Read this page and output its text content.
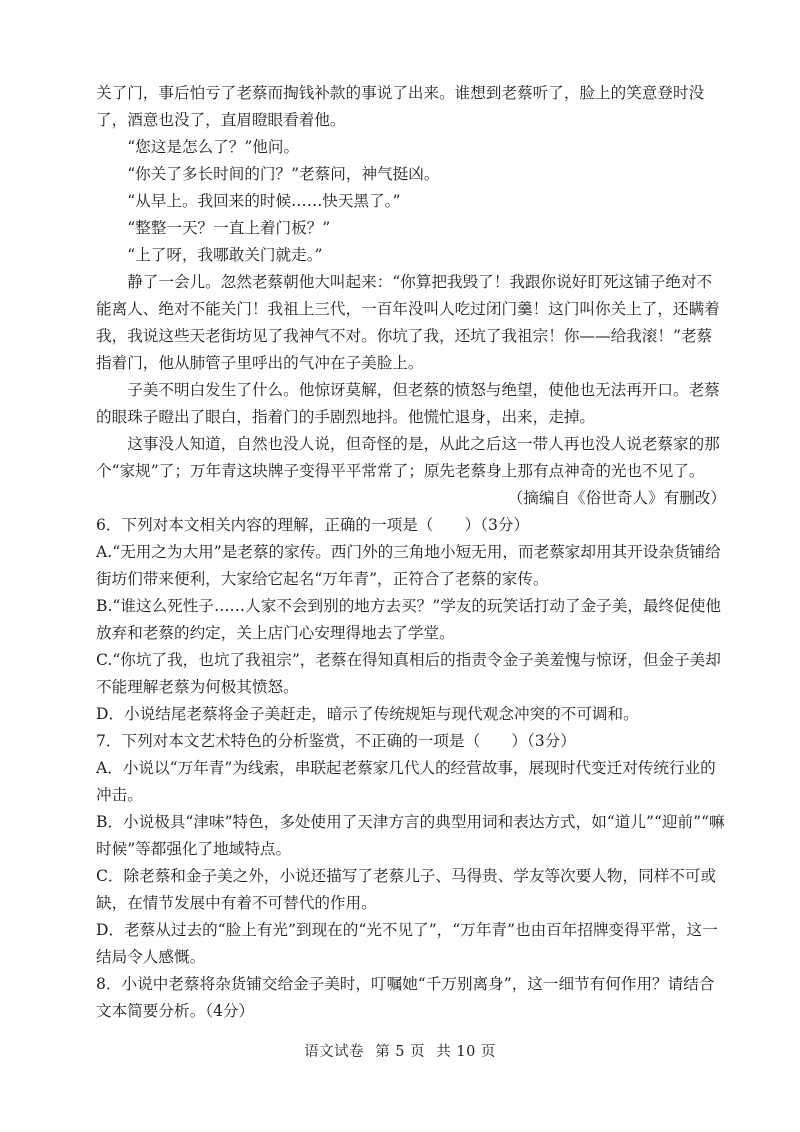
关了门，事后怕亏了老蔡而掏钱补款的事说了出来。谁想到老蔡听了，脸上的笑意登时没了，酒意也没了，直眉瞪眼看着他。

“您这是怎么了？”他问。

“你关了多长时间的门？”老蔡问，神气挺凶。

“从早上。我回来的时候……快天黑了。”

“整整一天？一直上着门板？”

“上了呀，我哪敢关门就走。”

静了一会儿。忽然老蔡朝他大叫起来：“你算把我毁了！我跟你说好盯死这铺子绝对不能离人、绝对不能关门！我祖上三代，一百年没叫人吃过闭门羹！这门叫你关上了，还瞒着我，我说这些天老街坊见了我神气不对。你坑了我，还坑了我祖宗！你——给我滚！”老蔡指着门，他从肺管子里呼出的气冲在子美脸上。

子美不明白发生了什么。他惊讶莫解，但老蔡的愤怒与绝望，使他也无法再开口。老蔡的眼珠子瞪出了眼白，指着门的手剧烈地抖。他慌忙退身，出来，走掉。

这事没人知道，自然也没人说，但奇怪的是，从此之后这一带人再也没人说老蔡家的那个“家规”了；万年青这块牌子变得平平常常了；原先老蔡身上那有点神奇的光也不见了。

（摘编自《俗世奇人》有删改）

6．下列对本文相关内容的理解，正确的一项是（　　）（3分）

A.“无用之为大用”是老蔡的家传。西门外的三角地小短无用，而老蔡家却用其开设杂货铺给街坊们带来便利，大家给它起名“万年青”，正符合了老蔡的家传。

B.“谁这么死性子……人家不会到别的地方去买？”学友的玩笑话打动了金子美，最终促使他放弃和老蔡的约定，关上店门心安理得地去了学堂。

C.“你坑了我，也坑了我祖宗”，老蔡在得知真相后的指责令金子美羞愧与惊讶，但金子美却不能理解老蔡为何极其愤怒。

D．小说结尾老蔡将金子美赶走，暗示了传统规矩与现代观念冲突的不可调和。

7．下列对本文艺术特色的分析鉴赏，不正确的一项是（　　）（3分）

A．小说以“万年青”为线索，串联起老蔡家几代人的经营故事，展现时代变迁对传统行业的冲击。

B．小说极具“津味”特色，多处使用了天津方言的典型用词和表达方式，如“道儿”“迎前”“嘛时候”等都强化了地域特点。

C．除老蔡和金子美之外，小说还描写了老蔡儿子、马得贵、学友等次要人物，同样不可或缺，在情节发展中有着不可替代的作用。

D．老蔡从过去的“脸上有光”到现在的“光不见了”，“万年青”也由百年招牌变得平常，这一结局令人感慨。

8．小说中老蔡将杂货铺交给金子美时，叮嘱她“千万别离身”，这一细节有何作用？请结合文本简要分析。（4分）

语文试卷 第 5 页 共 10 页
